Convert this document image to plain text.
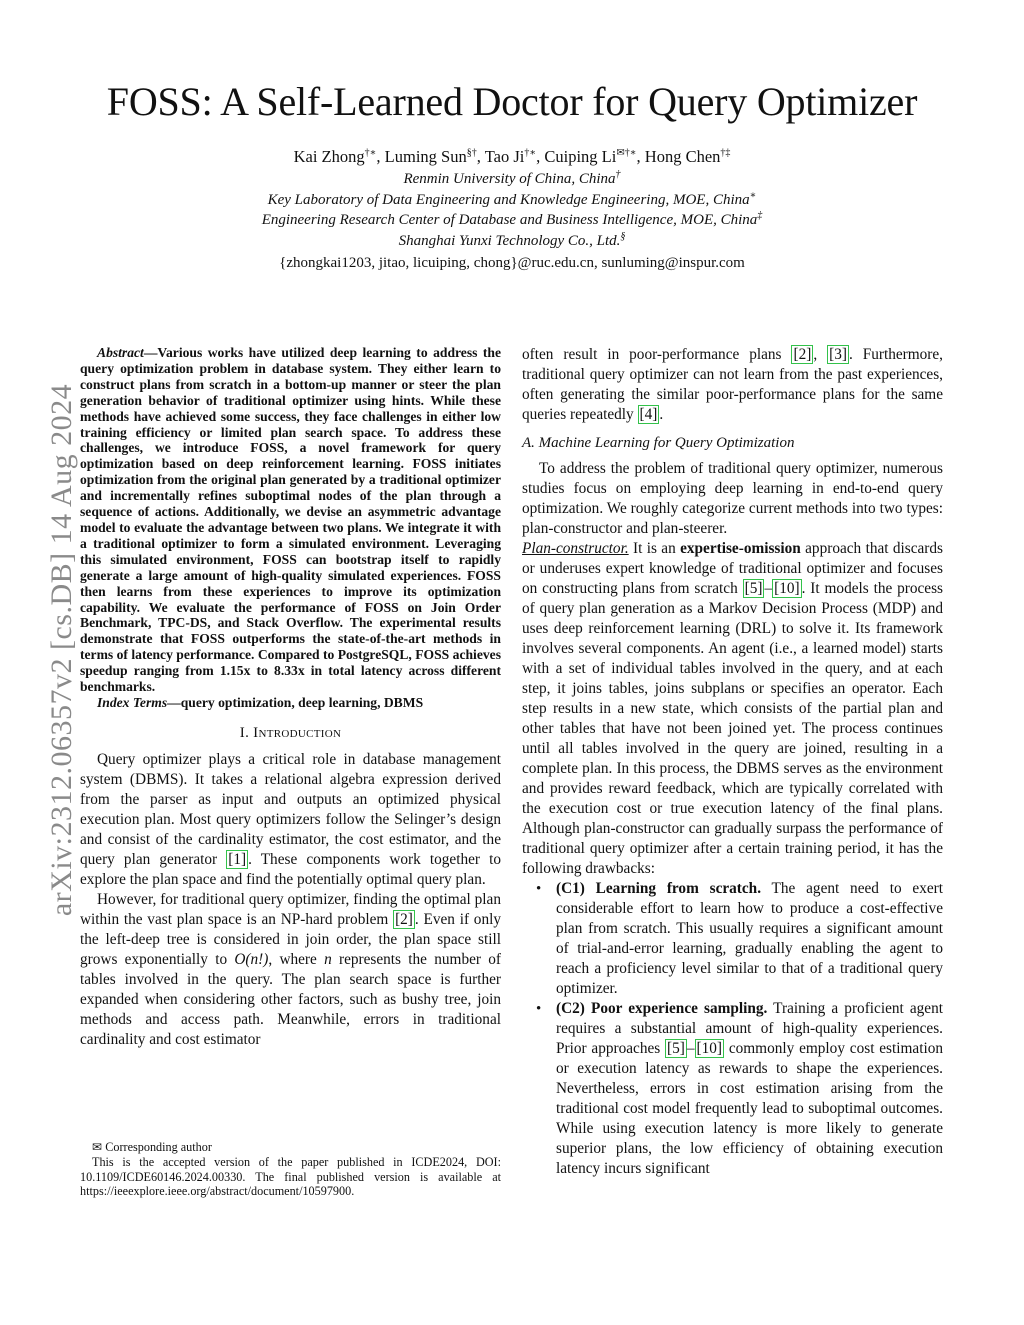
arXiv:2312.06357v2 [cs.DB] 14 Aug 2024
FOSS: A Self-Learned Doctor for Query Optimizer
Kai Zhong†∗, Luming Sun§†, Tao Ji†∗, Cuiping Li✉†∗, Hong Chen†‡
Renmin University of China, China†
Key Laboratory of Data Engineering and Knowledge Engineering, MOE, China∗
Engineering Research Center of Database and Business Intelligence, MOE, China‡
Shanghai Yunxi Technology Co., Ltd.§
{zhongkai1203, jitao, licuiping, chong}@ruc.edu.cn, sunluming@inspur.com

Abstract—Various works have utilized deep learning to address the query optimization problem in database system. They either learn to construct plans from scratch in a bottom-up manner or steer the plan generation behavior of traditional optimizer using hints. While these methods have achieved some success, they face challenges in either low training efficiency or limited plan search space. To address these challenges, we introduce FOSS, a novel framework for query optimization based on deep reinforcement learning. FOSS initiates optimization from the original plan generated by a traditional optimizer and incrementally refines suboptimal nodes of the plan through a sequence of actions. Additionally, we devise an asymmetric advantage model to evaluate the advantage between two plans. We integrate it with a traditional optimizer to form a simulated environment. Leveraging this simulated environment, FOSS can bootstrap itself to rapidly generate a large amount of high-quality simulated experiences. FOSS then learns from these experiences to improve its optimization capability. We evaluate the performance of FOSS on Join Order Benchmark, TPC-DS, and Stack Overflow. The experimental results demonstrate that FOSS outperforms the state-of-the-art methods in terms of latency performance. Compared to PostgreSQL, FOSS achieves speedup ranging from 1.15x to 8.33x in total latency across different benchmarks.

Index Terms—query optimization, deep learning, DBMS

I. Introduction

Query optimizer plays a critical role in database management system (DBMS). It takes a relational algebra expression derived from the parser as input and outputs an optimized physical execution plan. Most query optimizers follow the Selinger’s design and consist of the cardinality estimator, the cost estimator, and the query plan generator [1] . These components work together to explore the plan space and find the potentially optimal query plan.

However, for traditional query optimizer, finding the optimal plan within the vast plan space is an NP-hard problem [2] . Even if only the left-deep tree is considered in join order, the plan space still grows exponentially to O(n!), where n represents the number of tables involved in the query. The plan search space is further expanded when considering other factors, such as bushy tree, join methods and access path. Meanwhile, errors in traditional cardinality and cost estimator

✉ Corresponding author
This is the accepted version of the paper published in ICDE2024, DOI: 10.1109/ICDE60146.2024.00330. The final published version is available at https://ieeexplore.ieee.org/abstract/document/10597900.

often result in poor-performance plans [2] , [3] . Furthermore, traditional query optimizer can not learn from the past experiences, often generating the similar poor-performance plans for the same queries repeatedly [4] .

A. Machine Learning for Query Optimization

To address the problem of traditional query optimizer, numerous studies focus on employing deep learning in end-to-end query optimization. We roughly categorize current methods into two types: plan-constructor and plan-steerer.

Plan-constructor. It is an expertise-omission approach that discards or underuses expert knowledge of traditional optimizer and focuses on constructing plans from scratch [5] – [10] . It models the process of query plan generation as a Markov Decision Process (MDP) and uses deep reinforcement learning (DRL) to solve it. Its framework involves several components. An agent (i.e., a learned model) starts with a set of individual tables involved in the query, and at each step, it joins tables, joins subplans or specifies an operator. Each step results in a new state, which consists of the partial plan and other tables that have not been joined yet. The process continues until all tables involved in the query are joined, resulting in a complete plan. In this process, the DBMS serves as the environment and provides reward feedback, which are typically correlated with the execution cost or true execution latency of the final plans. Although plan-constructor can gradually surpass the performance of traditional query optimizer after a certain training period, it has the following drawbacks:

• (C1) Learning from scratch. The agent need to exert considerable effort to learn how to produce a cost-effective plan from scratch. This usually requires a significant amount of trial-and-error learning, gradually enabling the agent to reach a proficiency level similar to that of a traditional query optimizer.
• (C2) Poor experience sampling. Training a proficient agent requires a substantial amount of high-quality experiences. Prior approaches [5] – [10] commonly employ cost estimation or execution latency as rewards to shape the experiences. Nevertheless, errors in cost estimation arising from the traditional cost model frequently lead to suboptimal outcomes. While using execution latency is more likely to generate superior plans, the low efficiency of obtaining execution latency incurs significant
